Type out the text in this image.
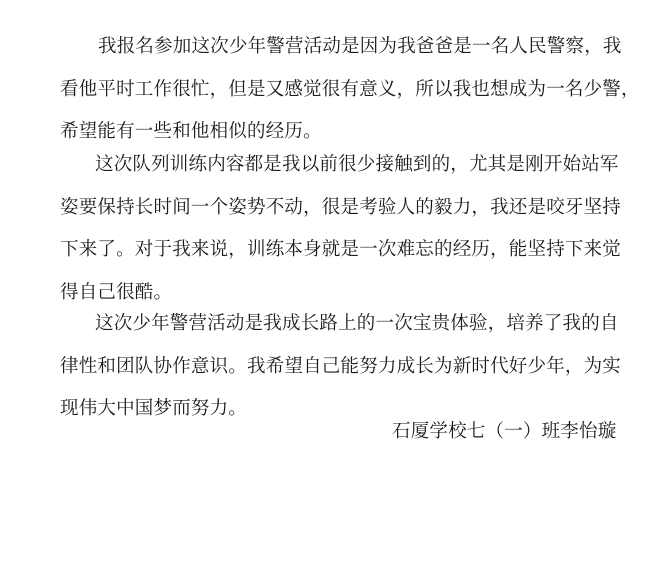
我报名参加这次少年警营活动是因为我爸爸是一名人民警察，我
看他平时工作很忙，但是又感觉很有意义，所以我也想成为一名少警，
希望能有一些和他相似的经历。
这次队列训练内容都是我以前很少接触到的，尤其是刚开始站军
姿要保持长时间一个姿势不动，很是考验人的毅力，我还是咬牙坚持
下来了。对于我来说，训练本身就是一次难忘的经历，能坚持下来觉
得自己很酷。
这次少年警营活动是我成长路上的一次宝贵体验，培养了我的自
律性和团队协作意识。我希望自己能努力成长为新时代好少年，为实
现伟大中国梦而努力。
石厦学校七（一）班李怡璇
